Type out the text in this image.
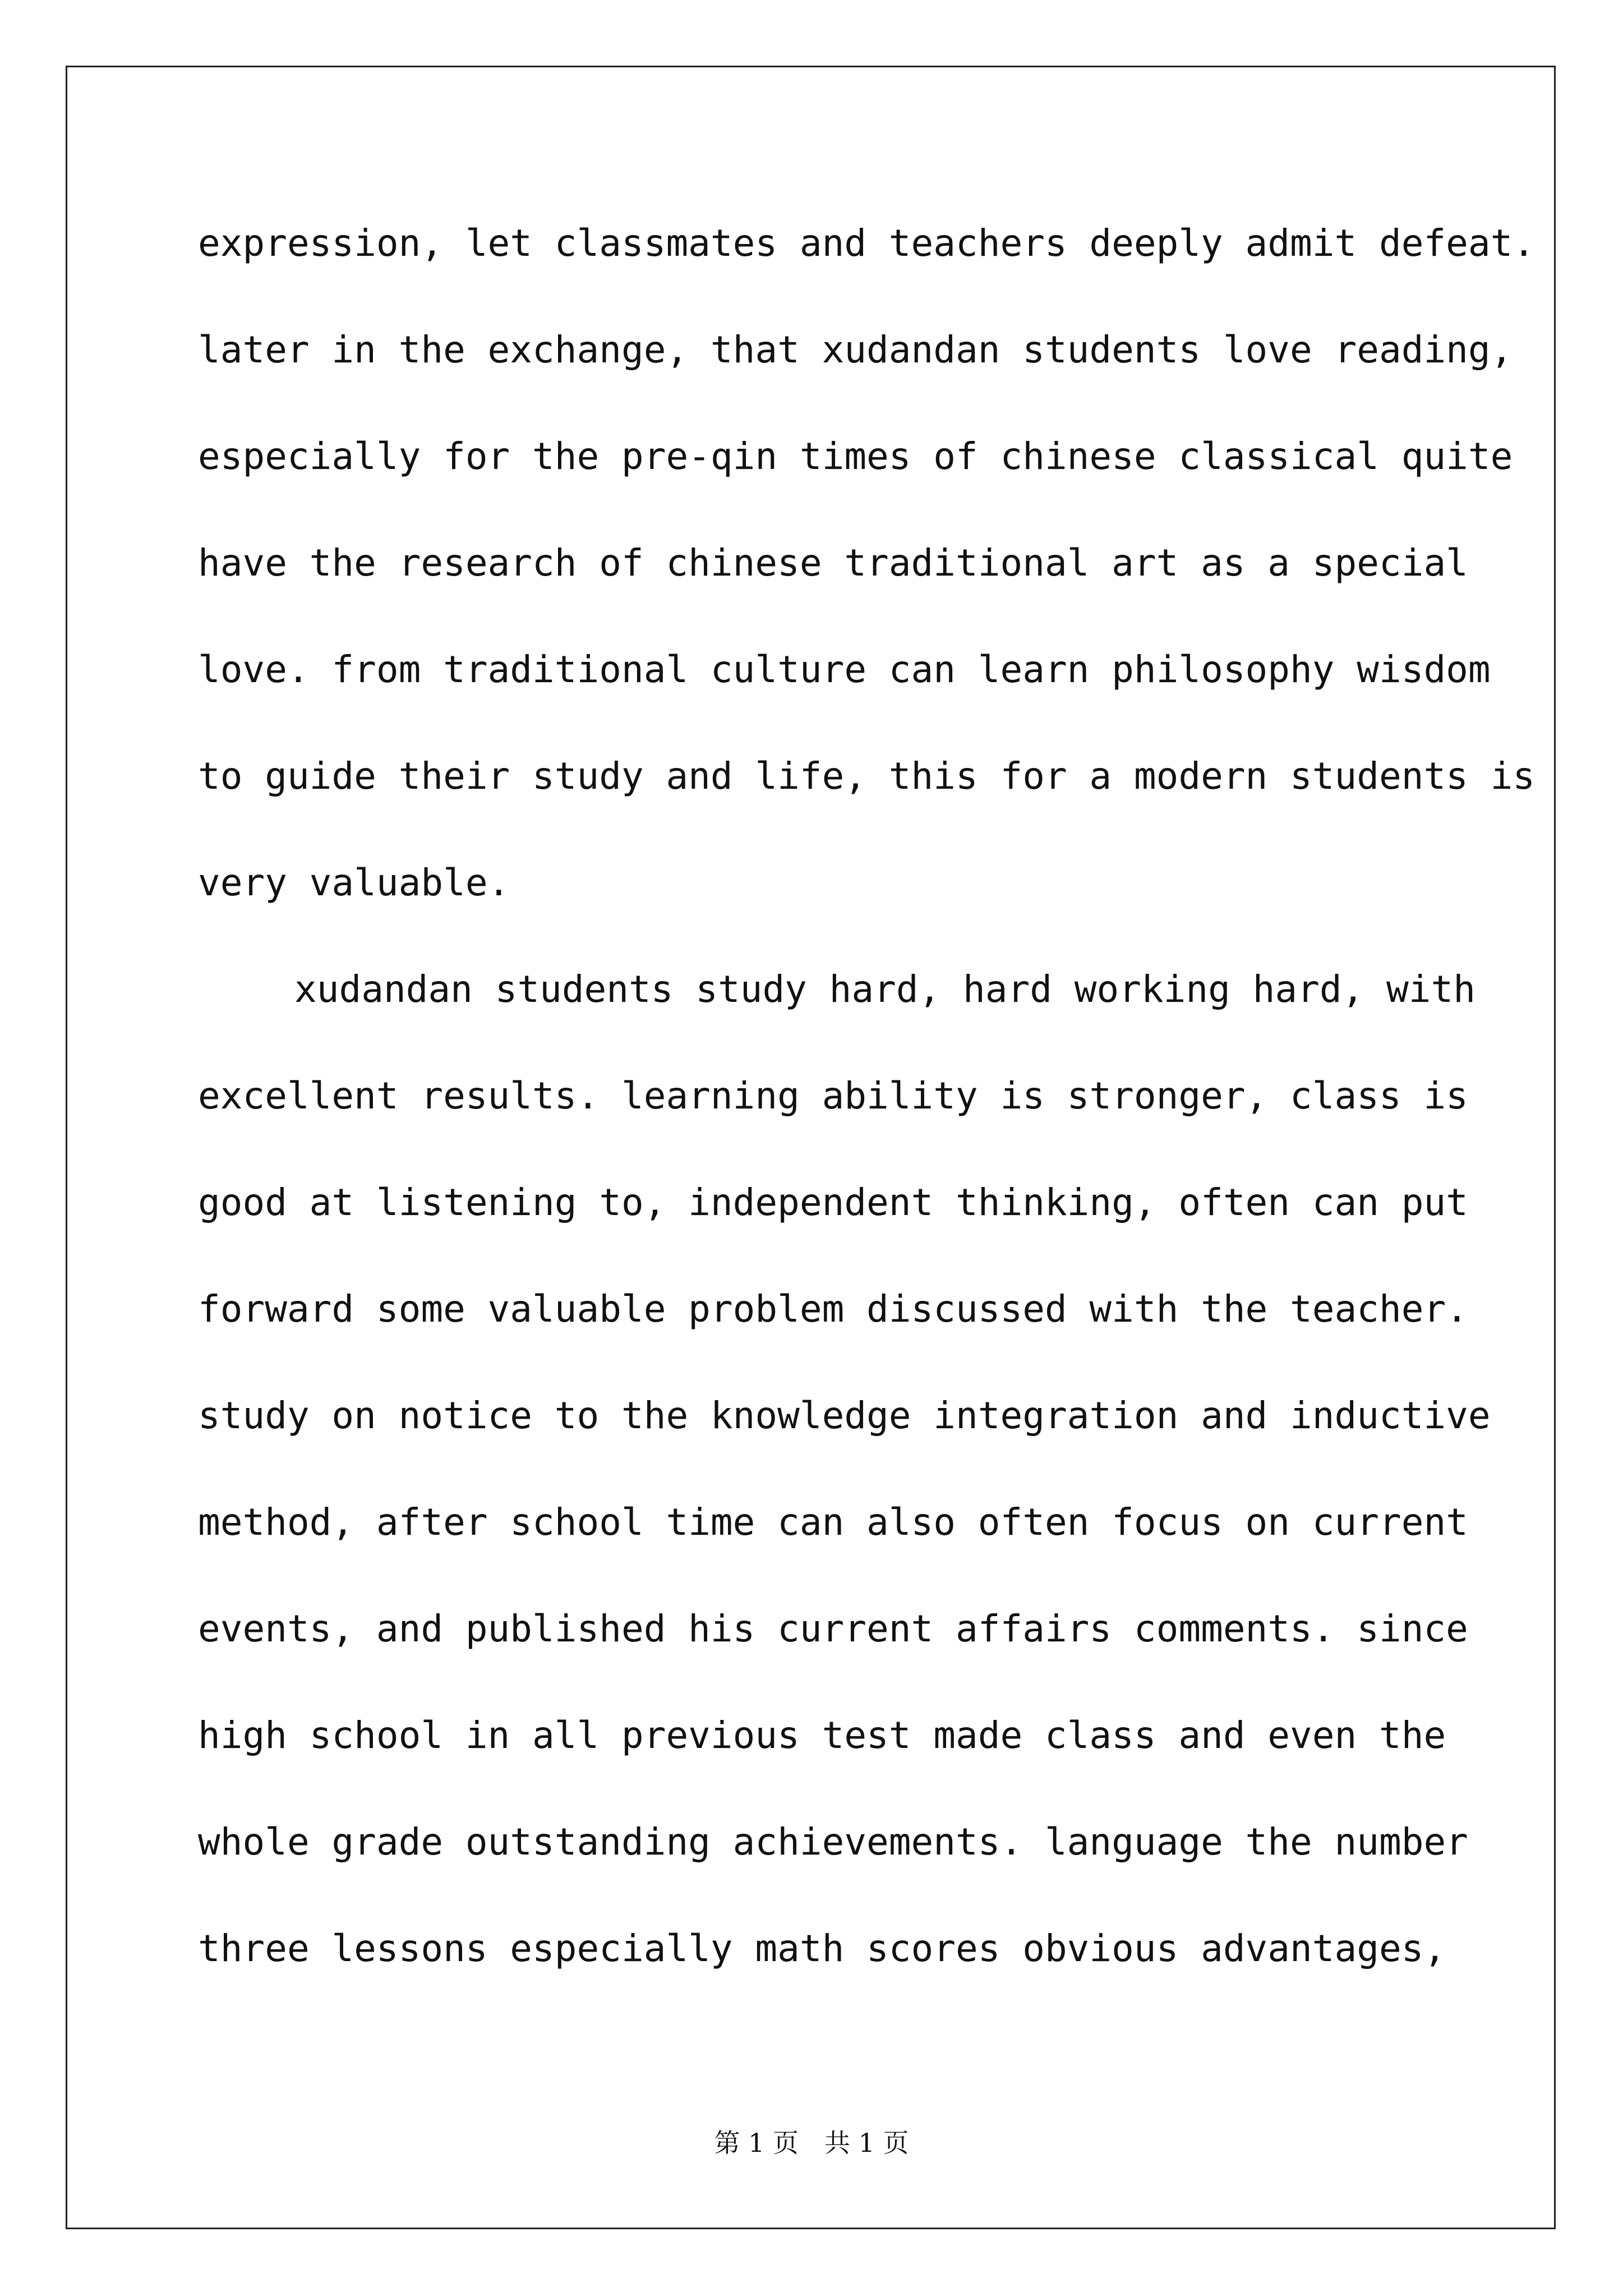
expression, let classmates and teachers deeply admit defeat.
later in the exchange, that xudandan students love reading,
especially for the pre-qin times of chinese classical quite
have the research of chinese traditional art as a special
love. from traditional culture can learn philosophy wisdom
to guide their study and life, this for a modern students is
very valuable.
xudandan students study hard, hard working hard, with
excellent results. learning ability is stronger, class is
good at listening to, independent thinking, often can put
forward some valuable problem discussed with the teacher.
study on notice to the knowledge integration and inductive
method, after school time can also often focus on current
events, and published his current affairs comments. since
high school in all previous test made class and even the
whole grade outstanding achievements. language the number
three lessons especially math scores obvious advantages,
第 1 页　共 1 页
